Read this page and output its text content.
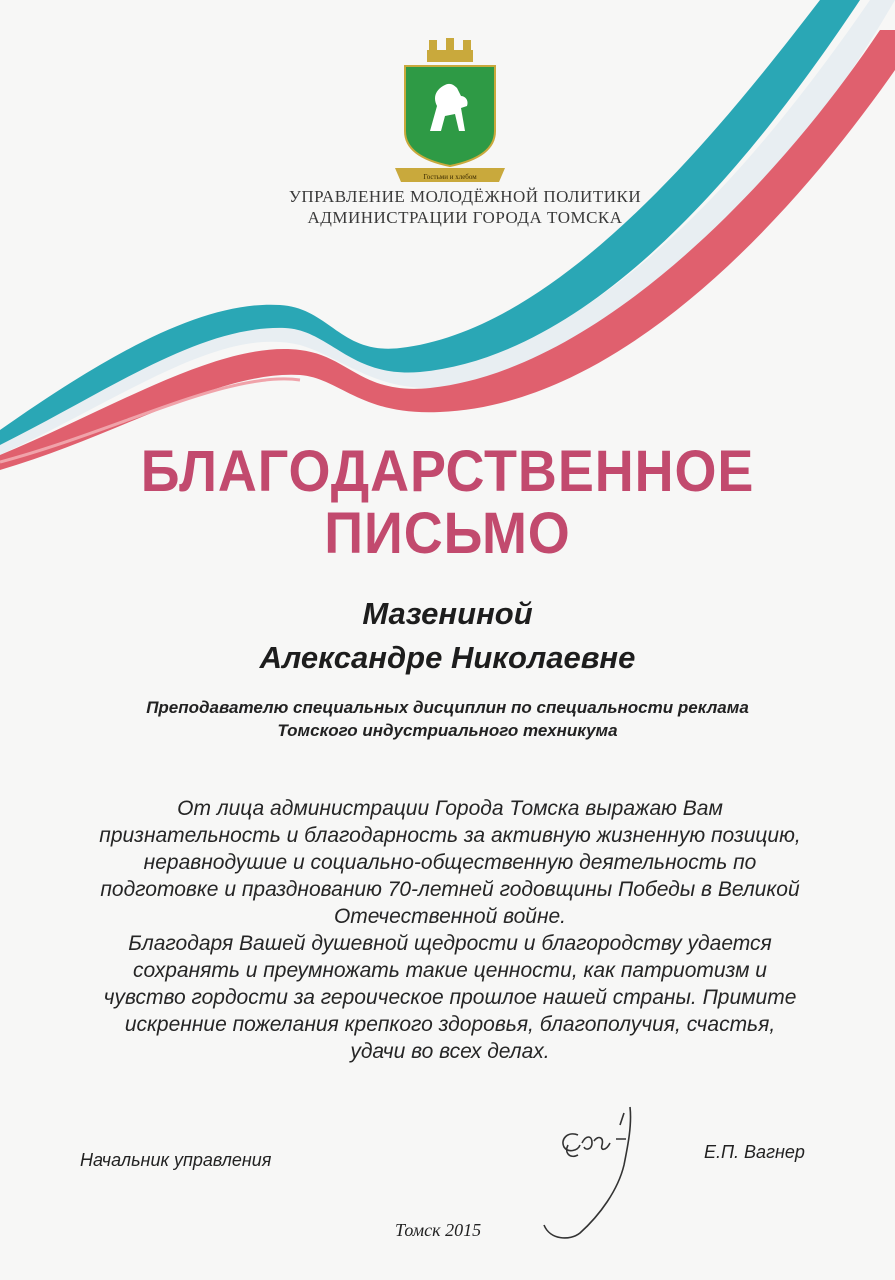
Гостьми и хлебом
УПРАВЛЕНИЕ МОЛОДЁЖНОЙ ПОЛИТИКИ
АДМИНИСТРАЦИИ ГОРОДА ТОМСКА
БЛАГОДАРСТВЕННОЕ
ПИСЬМО
Мазениной
Александре Николаевне
Преподавателю специальных дисциплин по специальности реклама
Томского индустриального техникума
От лица администрации Города Томска выражаю Вам
признательность и благодарность за активную жизненную позицию,
неравнодушие и социально-общественную деятельность по
подготовке и празднованию 70-летней годовщины Победы в Великой
Отечественной войне.
Благодаря Вашей душевной щедрости и благородству удается
сохранять и преумножать такие ценности, как патриотизм и
чувство гордости за героическое прошлое нашей страны. Примите
искренние пожелания крепкого здоровья, благополучия, счастья,
удачи во всех делах.
Начальник управления	Е.П. Вагнер
Томск 2015
